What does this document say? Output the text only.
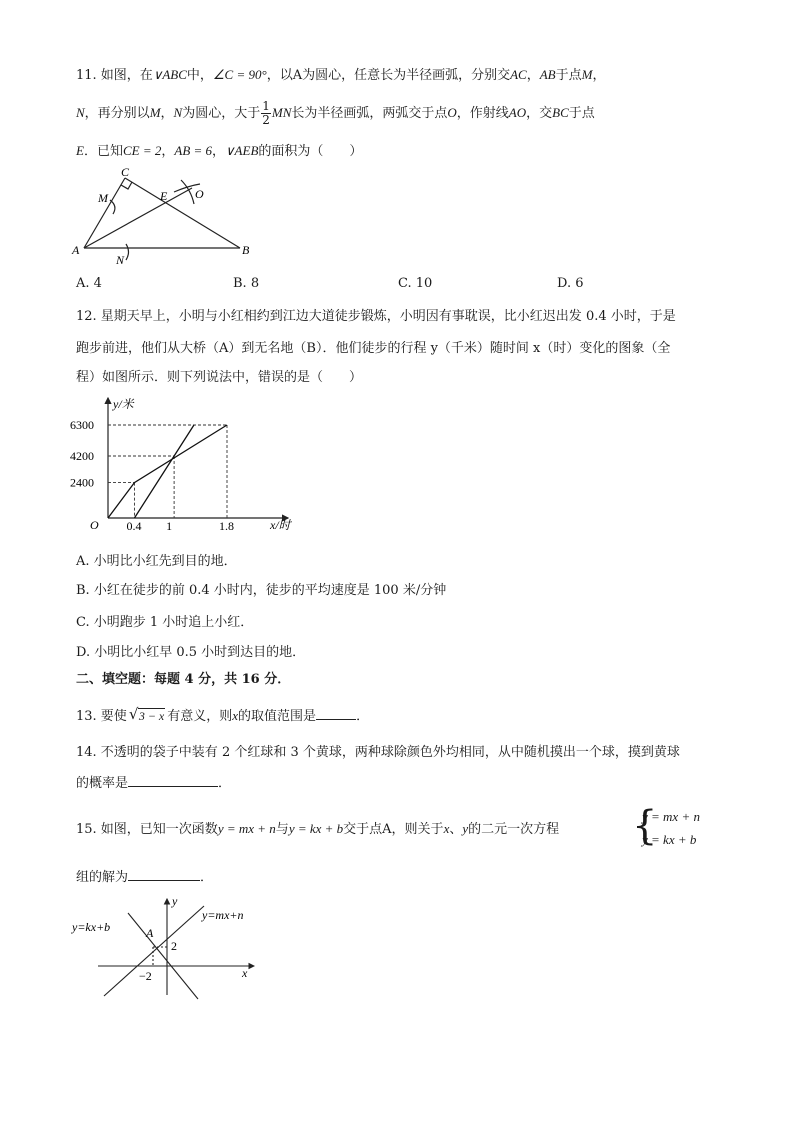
11. 如图，在∨ABC中，∠C = 90°，以A为圆心，任意长为半径画弧，分别交AC，AB于点M，
N，再分别以M，N为圆心，大于 $\frac{1}{2}$ MN长为半径画弧，两弧交于点O，作射线AO，交BC于点
E．已知CE = 2，AB = 6，∨AEB的面积为（　　）
C
M	E O
A
N
B
A. 4	B. 8	C. 10	D. 6
12. 星期天早上，小明与小红相约到江边大道徒步锻炼，小明因有事耽误，比小红迟出发 0.4 小时，于是
跑步前进，他们从大桥（A）到无名地（B）．他们徒步的行程 y（千米）随时间 x（时）变化的图象（全
程）如图所示．则下列说法中，错误的是（　　）
O
y/米
x/时
2400
4200
6300
0.4 1	1.8
A. 小明比小红先到目的地．
B. 小红在徒步的前 0.4 小时内，徒步的平均速度是 100 米/分钟
C. 小明跑步 1 小时追上小红．
D. 小明比小红早 0.5 小时到达目的地．
二、填空题：每题 4 分，共 16 分．
13. 要使 √ 3 − x 有意义，则x的取值范围是	．
14. 不透明的袋子中装有 2 个红球和 3 个黄球，两种球除颜色外均相同，从中随机摸出一个球，摸到黄球
的概率是	．
15. 如图，已知一次函数y = mx + n与y = kx + b交于点A，则关于x、y的二元一次方程 {
y = mx + n
y = kx + b
组的解为	．
y=kx+b
y=mx+n
A
2
−2	x
y
